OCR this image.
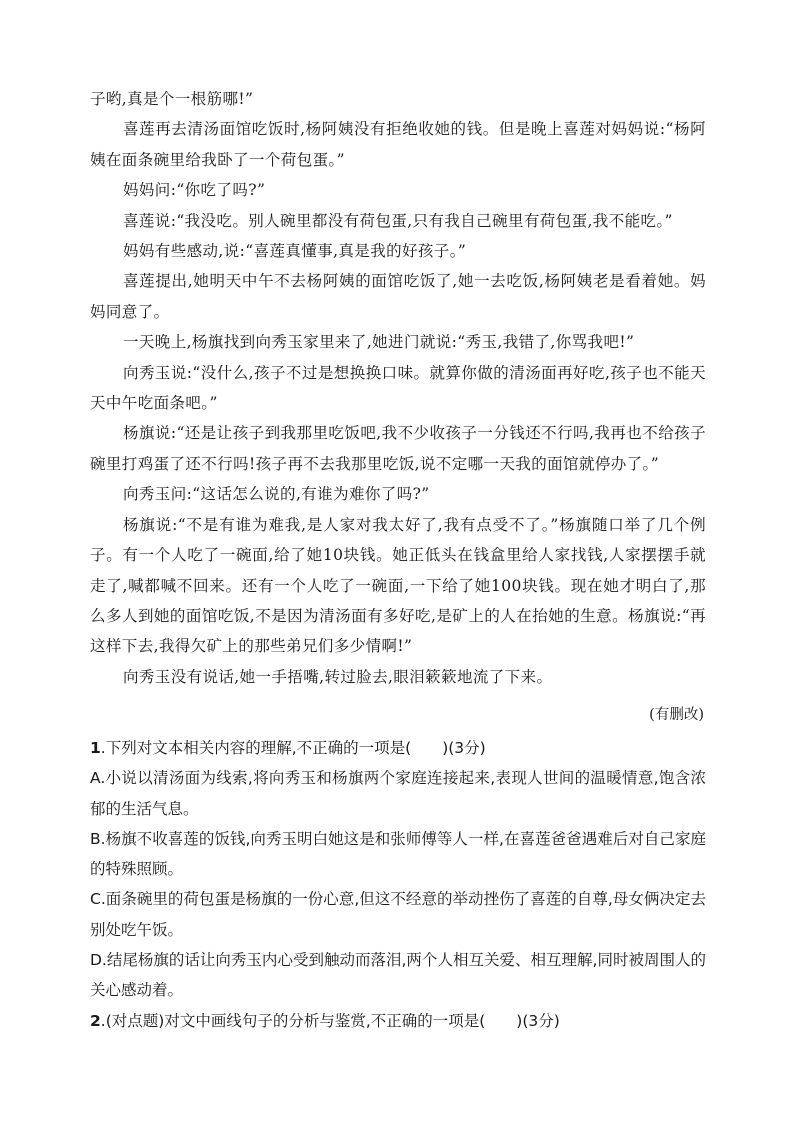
子哟,真是个一根筋哪!”

喜莲再去清汤面馆吃饭时,杨阿姨没有拒绝收她的钱。但是晚上喜莲对妈妈说:“杨阿姨在面条碗里给我卧了一个荷包蛋。”

妈妈问:“你吃了吗?”

喜莲说:“我没吃。别人碗里都没有荷包蛋,只有我自己碗里有荷包蛋,我不能吃。”

妈妈有些感动,说:“喜莲真懂事,真是我的好孩子。”

喜莲提出,她明天中午不去杨阿姨的面馆吃饭了,她一去吃饭,杨阿姨老是看着她。妈妈同意了。

一天晚上,杨旗找到向秀玉家里来了,她进门就说:“秀玉,我错了,你骂我吧!”

向秀玉说:“没什么,孩子不过是想换换口味。就算你做的清汤面再好吃,孩子也不能天天中午吃面条吧。”

杨旗说:“还是让孩子到我那里吃饭吧,我不少收孩子一分钱还不行吗,我再也不给孩子碗里打鸡蛋了还不行吗!孩子再不去我那里吃饭,说不定哪一天我的面馆就停办了。”

向秀玉问:“这话怎么说的,有谁为难你了吗?”

杨旗说:“不是有谁为难我,是人家对我太好了,我有点受不了。”杨旗随口举了几个例子。有一个人吃了一碗面,给了她10块钱。她正低头在钱盒里给人家找钱,人家摆摆手就走了,喊都喊不回来。还有一个人吃了一碗面,一下给了她100块钱。现在她才明白了,那么多人到她的面馆吃饭,不是因为清汤面有多好吃,是矿上的人在抬她的生意。杨旗说:“再这样下去,我得欠矿上的那些弟兄们多少情啊!”

向秀玉没有说话,她一手捂嘴,转过脸去,眼泪簌簌地流了下来。

(有删改)

1.下列对文本相关内容的理解,不正确的一项是(　　)(3分)

A.小说以清汤面为线索,将向秀玉和杨旗两个家庭连接起来,表现人世间的温暖情意,饱含浓郁的生活气息。

B.杨旗不收喜莲的饭钱,向秀玉明白她这是和张师傅等人一样,在喜莲爸爸遇难后对自己家庭的特殊照顾。

C.面条碗里的荷包蛋是杨旗的一份心意,但这不经意的举动挫伤了喜莲的自尊,母女俩决定去别处吃午饭。

D.结尾杨旗的话让向秀玉内心受到触动而落泪,两个人相互关爱、相互理解,同时被周围人的关心感动着。

2.(对点题)对文中画线句子的分析与鉴赏,不正确的一项是(　　)(3分)
